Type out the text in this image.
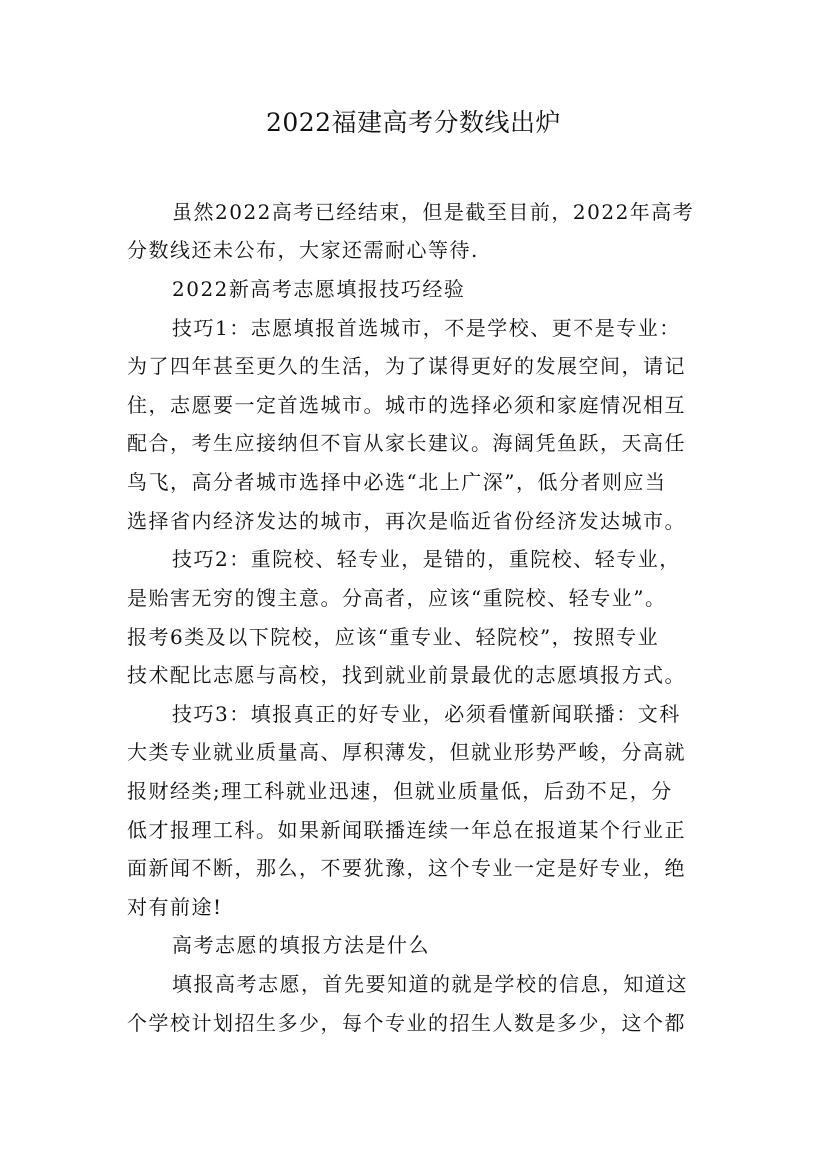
2022福建高考分数线出炉
虽然2022高考已经结束，但是截至目前，2022年高考
分数线还未公布，大家还需耐心等待.
2022新高考志愿填报技巧经验
技巧1：志愿填报首选城市，不是学校、更不是专业：
为了四年甚至更久的生活，为了谋得更好的发展空间，请记
住，志愿要一定首选城市。城市的选择必须和家庭情况相互
配合，考生应接纳但不盲从家长建议。海阔凭鱼跃，天高任
鸟飞，高分者城市选择中必选“北上广深”，低分者则应当
选择省内经济发达的城市，再次是临近省份经济发达城市。
技巧2：重院校、轻专业，是错的，重院校、轻专业，
是贻害无穷的馊主意。分高者，应该“重院校、轻专业”。
报考6类及以下院校，应该“重专业、轻院校”，按照专业
技术配比志愿与高校，找到就业前景最优的志愿填报方式。
技巧3：填报真正的好专业，必须看懂新闻联播：文科
大类专业就业质量高、厚积薄发，但就业形势严峻，分高就
报财经类;理工科就业迅速，但就业质量低，后劲不足，分
低才报理工科。如果新闻联播连续一年总在报道某个行业正
面新闻不断，那么，不要犹豫，这个专业一定是好专业，绝
对有前途!
高考志愿的填报方法是什么
填报高考志愿，首先要知道的就是学校的信息，知道这
个学校计划招生多少，每个专业的招生人数是多少，这个都
